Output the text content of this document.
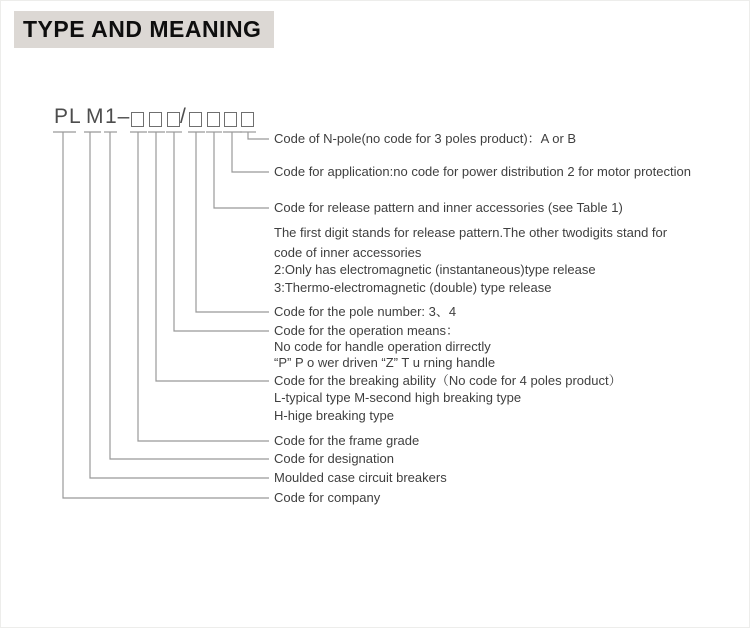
TYPE AND MEANING
PL M 1– /
Code of N-pole(no code for 3 poles product)：A or B
Code for application:no code for power distribution 2 for motor protection
Code for release pattern and inner accessories (see Table 1)
The first digit stands for release pattern.The other twodigits stand for
code of inner accessories
2:Only has electromagnetic (instantaneous)type release
3:Thermo-electromagnetic (double) type release
Code for the pole number: 3、4
Code for the operation means：
No code for handle operation dirrectly
“P” P o wer driven “Z” T u rning handle
Code for the breaking ability（No code for 4 poles product）
L-typical type M-second high breaking type
H-hige breaking type
Code for the frame grade
Code for designation
Moulded case circuit breakers
Code for company
